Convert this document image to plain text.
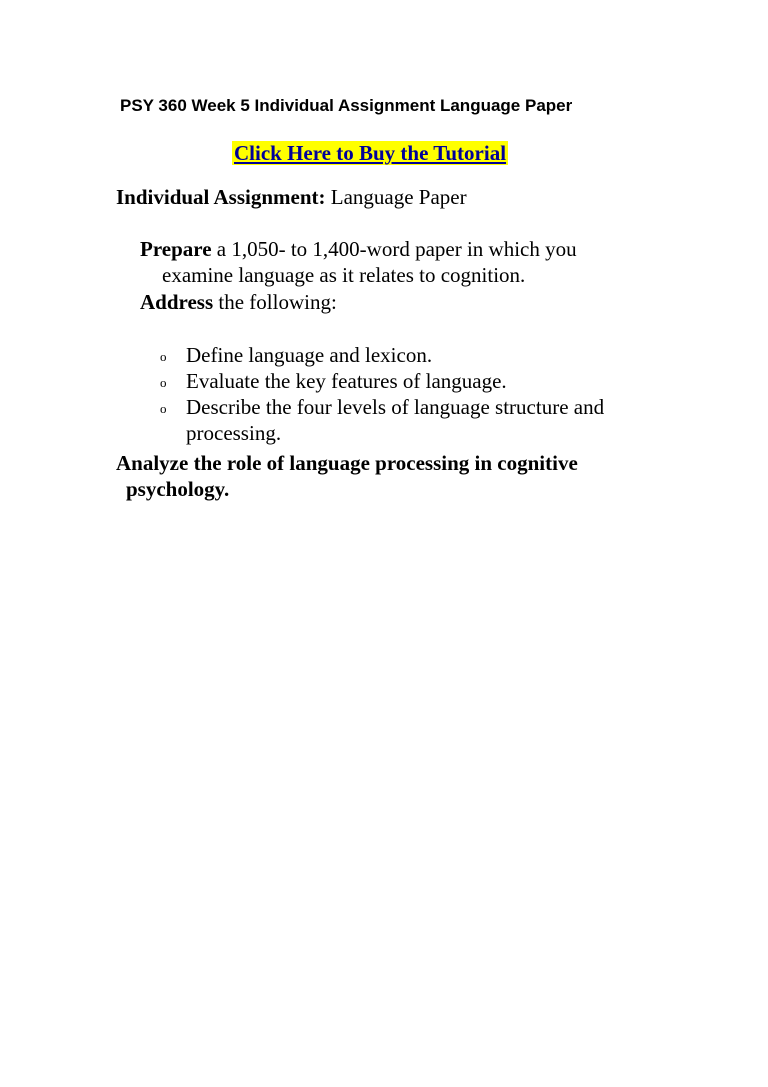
PSY 360 Week 5 Individual Assignment Language Paper
Click Here to Buy the Tutorial
Individual Assignment: Language Paper
Prepare a 1,050- to 1,400-word paper in which you
examine language as it relates to cognition.
Address the following:
o Define language and lexicon.
o Evaluate the key features of language.
o Describe the four levels of language structure and
processing.
Analyze the role of language processing in cognitive
psychology.
